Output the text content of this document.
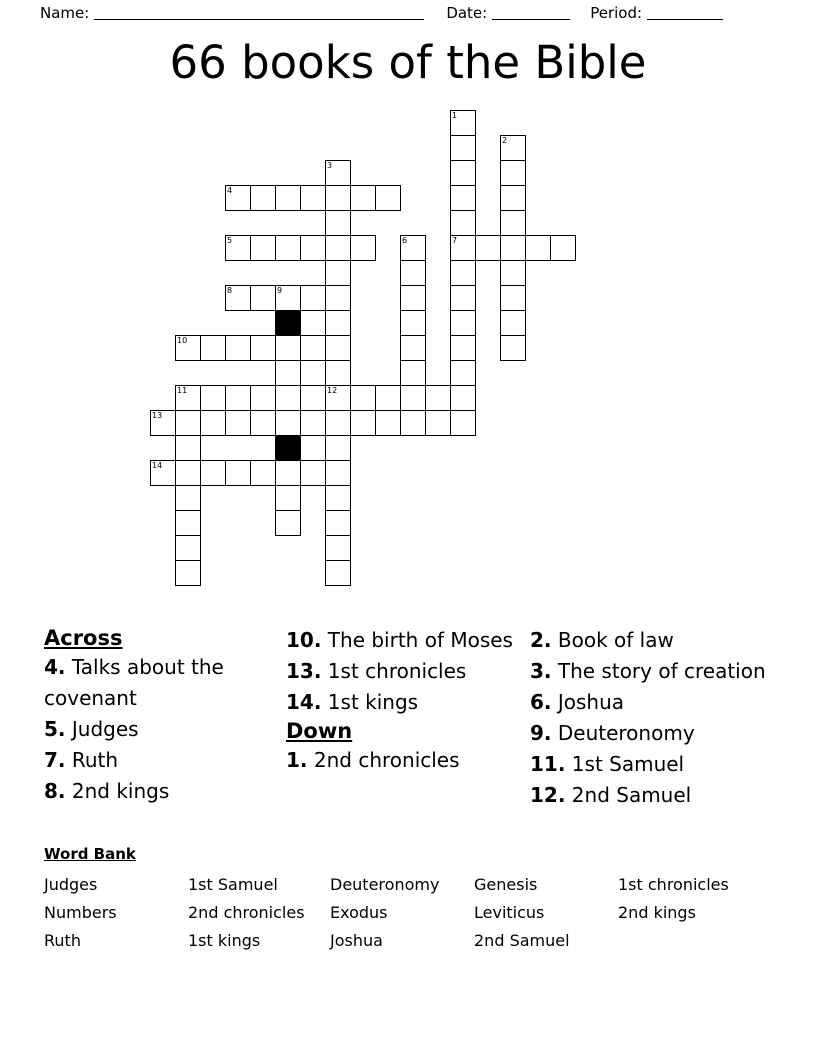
Name:	Date:	Period:
66 books of the Bible
1
2
3
4
5	6	7
8	9
10
11	12
13
14
Across

4. Talks about the covenant

5. Judges

7. Ruth

8. 2nd kings

10. The birth of Moses

13. 1st chronicles

14. 1st kings

Down

1. 2nd chronicles

2. Book of law

3. The story of creation

6. Joshua

9. Deuteronomy

11. 1st Samuel

12. 2nd Samuel

Word Bank
Judges	1st Samuel	Deuteronomy	Genesis	1st chronicles
Numbers	2nd chronicles	Exodus	Leviticus	2nd kings
Ruth	1st kings	Joshua	2nd Samuel
